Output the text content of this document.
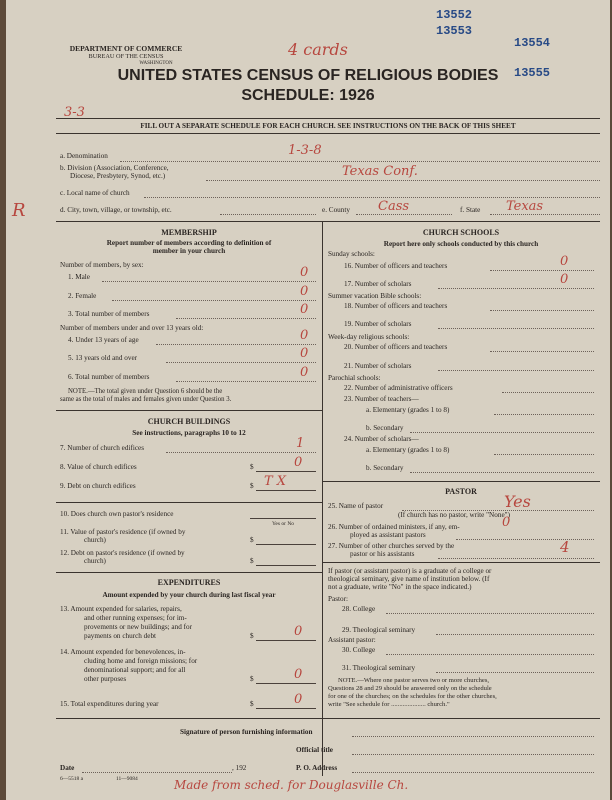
DEPARTMENT OF COMMERCE
BUREAU OF THE CENSUS
WASHINGTON
UNITED STATES CENSUS OF RELIGIOUS BODIES
SCHEDULE: 1926
FILL OUT A SEPARATE SCHEDULE FOR EACH CHURCH. SEE INSTRUCTIONS ON THE BACK OF THIS SHEET
13552
13553
13554
13555
4 cards
3-3
a. Denomination	1-3-8
b. Division (Association, Conference,
Diocese, Presbytery, Synod, etc.)	Texas Conf.
c. Local name of church
R	d. City, town, village, or township, etc.	e. County Cass	f. State Texas
MEMBERSHIP
Report number of members according to definition of
member in your church
Number of members, by sex:
1. Male	0
2. Female	0
3. Total number of members	0
Number of members under and over 13 years old:
4. Under 13 years of age	0
5. 13 years old and over	0
6. Total number of members	0
NOTE.—The total given under Question 6 should be the
same as the total of males and females given under Question 3.
CHURCH BUILDINGS
See instructions, paragraphs 10 to 12
7. Number of church edifices	1
8. Value of church edifices	$	0
9. Debt on church edifices	$ T X
10. Does church own pastor's residence
Yes or No
11. Value of pastor's residence (if owned by
church)	$
12. Debt on pastor's residence (if owned by
church)	$
EXPENDITURES
Amount expended by your church during last fiscal year
13. Amount expended for salaries, repairs,
and other running expenses; for im-
provements or new buildings; and for
payments on church debt	$	0
14. Amount expended for benevolences, in-
cluding home and foreign missions; for
denominational support; and for all
other purposes	$	0
15. Total expenditures during year	$	0
CHURCH SCHOOLS
Report here only schools conducted by this church
Sunday schools:
16. Number of officers and teachers	0
17. Number of scholars	0
Summer vacation Bible schools:
18. Number of officers and teachers
19. Number of scholars
Week-day religious schools:
20. Number of officers and teachers
21. Number of scholars
Parochial schools:
22. Number of administrative officers
23. Number of teachers—
a. Elementary (grades 1 to 8)
b. Secondary
24. Number of scholars—
a. Elementary (grades 1 to 8)
b. Secondary
PASTOR
25. Name of pastor	Yes
(If church has no pastor, write "None")
26. Number of ordained ministers, if any, em-
ployed as assistant pastors
0
27. Number of other churches served by the
pastor or his assistants	4
If pastor (or assistant pastor) is a graduate of a college or
theological seminary, give name of institution below. (If
not a graduate, write "No" in the space indicated.)
Pastor:
28. College
29. Theological seminary
Assistant pastor:
30. College
31. Theological seminary
NOTE.—Where one pastor serves two or more churches,
Questions 28 and 29 should be answered only on the schedule
for one of the churches; on the schedules for the other churches,
write "See schedule for ..................... church."
Signature of person furnishing information
Official title
Date	, 192	P. O. Address
6—5518 a	11—9084	Made from sched. for Douglasville Ch.
